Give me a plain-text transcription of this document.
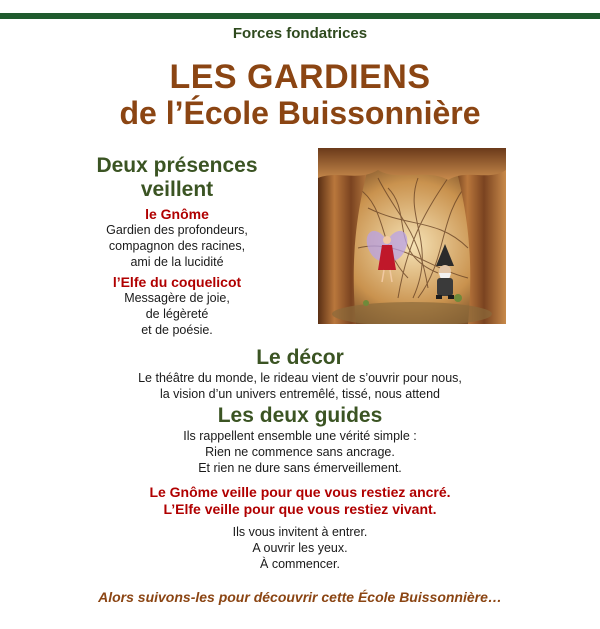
Forces fondatrices
LES GARDIENS
de l’École Buissonnière
Deux présences veillent
le Gnôme
Gardien des profondeurs,
compagnon des racines,
ami de la lucidité
l’Elfe du coquelicot
Messagère de joie,
de légèreté
et de poésie.
Le décor
Le théâtre du monde, le rideau vient de s’ouvrir pour nous,
la vision d’un univers entremêlé, tissé, nous attend
Les deux guides
Ils rappellent ensemble une vérité simple :
Rien ne commence sans ancrage.
Et rien ne dure sans émerveillement.
Le Gnôme veille pour que vous restiez ancré.
L’Elfe veille pour que vous restiez vivant.
Ils vous invitent à entrer.
A ouvrir les yeux.
À commencer.
Alors suivons-les pour découvrir cette École Buissonnière…
